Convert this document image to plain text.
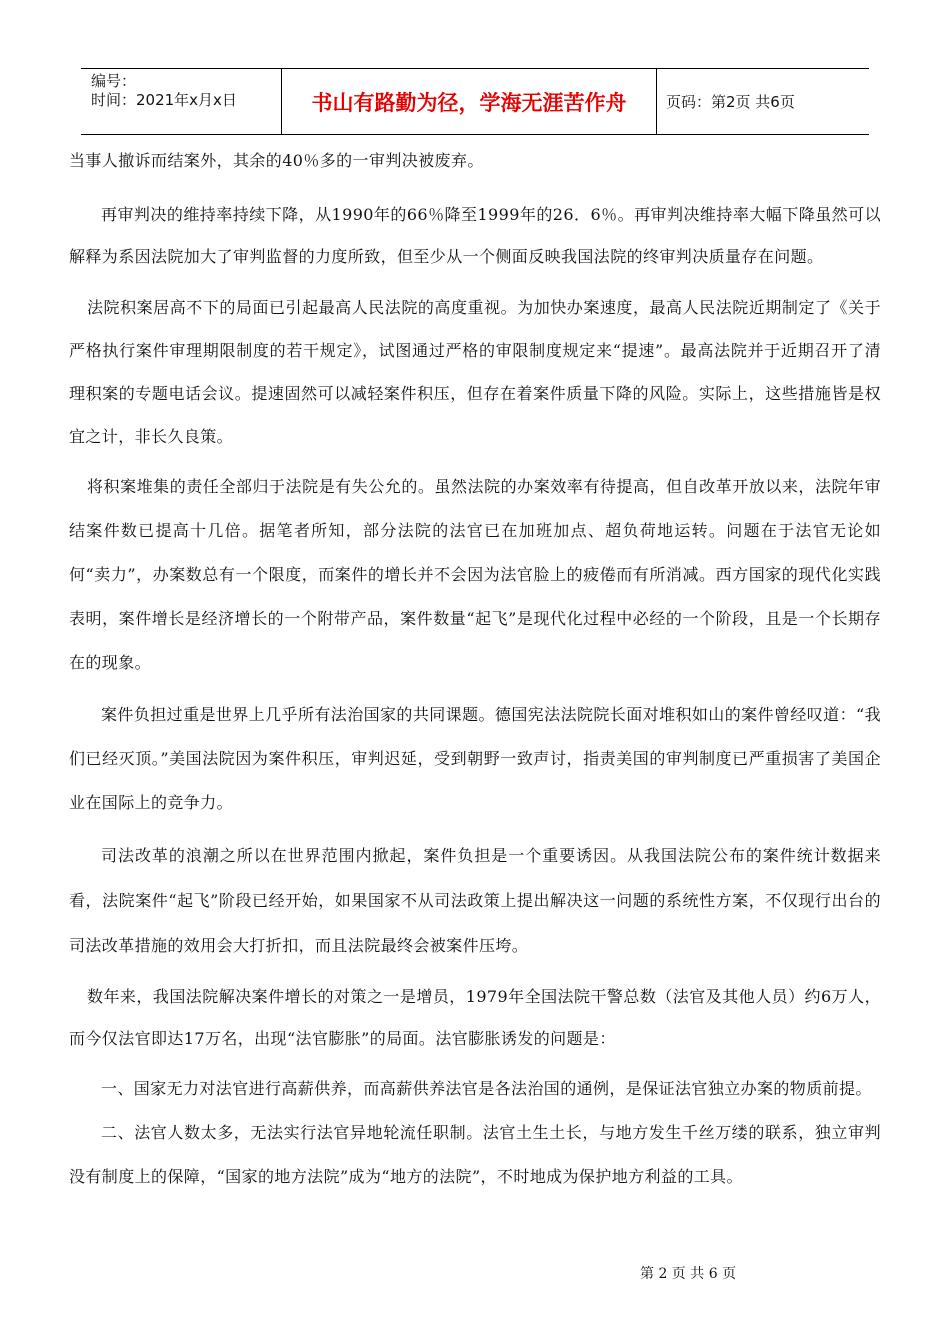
编号：
时间：2021年x月x日	书山有路勤为径，学海无涯苦作舟	页码：第2页 共6页

当事人撤诉而结案外，其余的40％多的一审判决被废弃。

再审判决的维持率持续下降，从1990年的66％降至1999年的26．6％。再审判决维持率大幅下降虽然可以解释为系因法院加大了审判监督的力度所致，但至少从一个侧面反映我国法院的终审判决质量存在问题。

法院积案居高不下的局面已引起最高人民法院的高度重视。为加快办案速度，最高人民法院近期制定了《关于严格执行案件审理期限制度的若干规定》，试图通过严格的审限制度规定来“提速”。最高法院并于近期召开了清理积案的专题电话会议。提速固然可以减轻案件积压，但存在着案件质量下降的风险。实际上，这些措施皆是权宜之计，非长久良策。

将积案堆集的责任全部归于法院是有失公允的。虽然法院的办案效率有待提高，但自改革开放以来，法院年审结案件数已提高十几倍。据笔者所知，部分法院的法官已在加班加点、超负荷地运转。问题在于法官无论如何“卖力”，办案数总有一个限度，而案件的增长并不会因为法官脸上的疲倦而有所消减。西方国家的现代化实践表明，案件增长是经济增长的一个附带产品，案件数量“起飞”是现代化过程中必经的一个阶段，且是一个长期存在的现象。

案件负担过重是世界上几乎所有法治国家的共同课题。德国宪法法院院长面对堆积如山的案件曾经叹道：“我们已经灭顶。”美国法院因为案件积压，审判迟延，受到朝野一致声讨，指责美国的审判制度已严重损害了美国企业在国际上的竞争力。

司法改革的浪潮之所以在世界范围内掀起，案件负担是一个重要诱因。从我国法院公布的案件统计数据来看，法院案件“起飞”阶段已经开始，如果国家不从司法政策上提出解决这一问题的系统性方案，不仅现行出台的司法改革措施的效用会大打折扣，而且法院最终会被案件压垮。

数年来，我国法院解决案件增长的对策之一是增员，1979年全国法院干警总数（法官及其他人员）约6万人，而今仅法官即达17万名，出现“法官膨胀”的局面。法官膨胀诱发的问题是：

一、国家无力对法官进行高薪供养，而高薪供养法官是各法治国的通例，是保证法官独立办案的物质前提。

二、法官人数太多，无法实行法官异地轮流任职制。法官土生土长，与地方发生千丝万缕的联系，独立审判没有制度上的保障，“国家的地方法院”成为“地方的法院”，不时地成为保护地方利益的工具。

第 2 页 共 6 页
